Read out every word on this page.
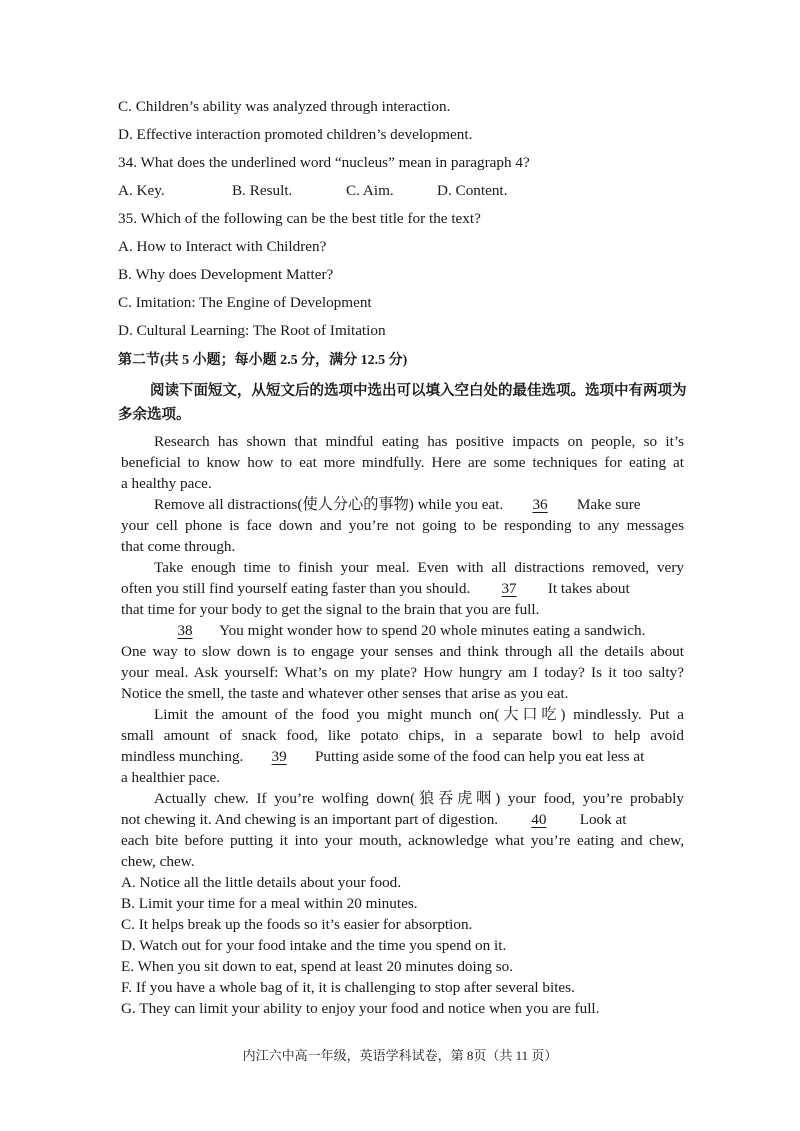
C. Children’s ability was analyzed through interaction.
D. Effective interaction promoted children’s development.
34. What does the underlined word “nucleus” mean in paragraph 4?
A. Key.	B. Result.	C. Aim.	D. Content.
35. Which of the following can be the best title for the text?
A. How to Interact with Children?
B. Why does Development Matter?
C. Imitation: The Engine of Development
D. Cultural Learning: The Root of Imitation
第二节(共 5 小题；每小题 2.5 分，满分 12.5 分)
阅读下面短文，从短文后的选项中选出可以填入空白处的最佳选项。选项中有两项为
多余选项。
Research has shown that mindful eating has positive impacts on people, so it’s
beneficial to know how to eat more mindfully. Here are some techniques for eating at
a healthy pace.
Remove all distractions(使人分心的事物) while you eat. 36 Make sure
your cell phone is face down and you’re not going to be responding to any messages
that come through.
Take enough time to finish your meal. Even with all distractions removed, very
often you still find yourself eating faster than you should. 37 It takes about
that time for your body to get the signal to the brain that you are full.
38 You might wonder how to spend 20 whole minutes eating a sandwich.
One way to slow down is to engage your senses and think through all the details about
your meal. Ask yourself: What’s on my plate? How hungry am I today? Is it too salty?
Notice the smell, the taste and whatever other senses that arise as you eat.
Limit the amount of the food you might munch on(大口吃) mindlessly. Put a
small amount of snack food, like potato chips, in a separate bowl to help avoid
mindless munching. 39 Putting aside some of the food can help you eat less at
a healthier pace.
Actually chew. If you’re wolfing down(狼吞虎咽) your food, you’re probably
not chewing it. And chewing is an important part of digestion. 40 Look at
each bite before putting it into your mouth, acknowledge what you’re eating and chew,
chew, chew.
A. Notice all the little details about your food.
B. Limit your time for a meal within 20 minutes.
C. It helps break up the foods so it’s easier for absorption.
D. Watch out for your food intake and the time you spend on it.
E. When you sit down to eat, spend at least 20 minutes doing so.
F. If you have a whole bag of it, it is challenging to stop after several bites.
G. They can limit your ability to enjoy your food and notice when you are full.
内江六中高一年级，英语学科试卷，第 8页（共 11 页）
